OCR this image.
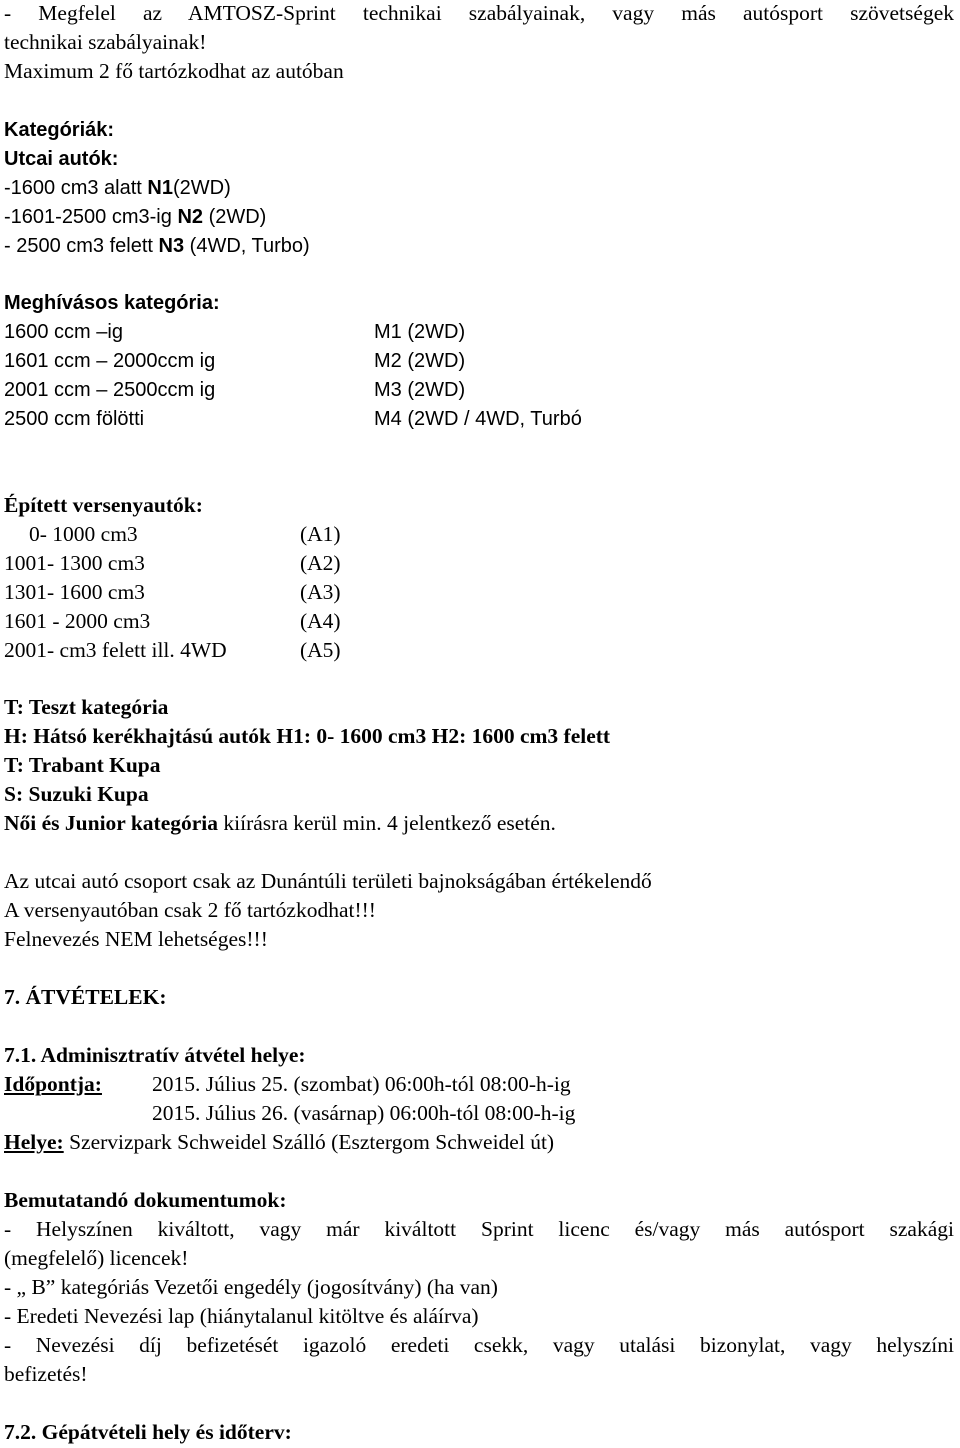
- Megfelel az AMTOSZ-Sprint technikai szabályainak, vagy más autósport szövetségek
technikai szabályainak!
Maximum 2 fő tartózkodhat az autóban
Kategóriák:
Utcai autók:
-1600 cm3 alatt N1(2WD)
-1601-2500 cm3-ig N2 (2WD)
- 2500 cm3 felett N3 (4WD, Turbo)
Meghívásos kategória:
1600 ccm –ig	M1 (2WD)
1601 ccm – 2000ccm ig	M2 (2WD)
2001 ccm – 2500ccm ig	M3 (2WD)
2500 ccm fölötti	M4 (2WD / 4WD, Turbó
Épített versenyautók:
0- 1000 cm3	(A1)
1001- 1300 cm3	(A2)
1301- 1600 cm3	(A3)
1601 - 2000 cm3	(A4)
2001- cm3 felett ill. 4WD	(A5)
T: Teszt kategória
H: Hátsó kerékhajtású autók H1: 0- 1600 cm3 H2: 1600 cm3 felett
T: Trabant Kupa
S: Suzuki Kupa
Női és Junior kategória kiírásra kerül min. 4 jelentkező esetén.
Az utcai autó csoport csak az Dunántúli területi bajnokságában értékelendő
A versenyautóban csak 2 fő tartózkodhat!!!
Felnevezés NEM lehetséges!!!
7. ÁTVÉTELEK:
7.1. Adminisztratív átvétel helye:
Időpontja: 2015. Július 25. (szombat) 06:00h-tól 08:00-h-ig
2015. Július 26. (vasárnap) 06:00h-tól 08:00-h-ig
Helye: Szervizpark Schweidel Szálló (Esztergom Schweidel út)
Bemutatandó dokumentumok:
- Helyszínen kiváltott, vagy már kiváltott Sprint licenc és/vagy más autósport szakági
(megfelelő) licencek!
- „ B” kategóriás Vezetői engedély (jogosítvány) (ha van)
- Eredeti Nevezési lap (hiánytalanul kitöltve és aláírva)
- Nevezési díj befizetését igazoló eredeti csekk, vagy utalási bizonylat, vagy helyszíni
befizetés!
7.2. Gépátvételi hely és időterv:
